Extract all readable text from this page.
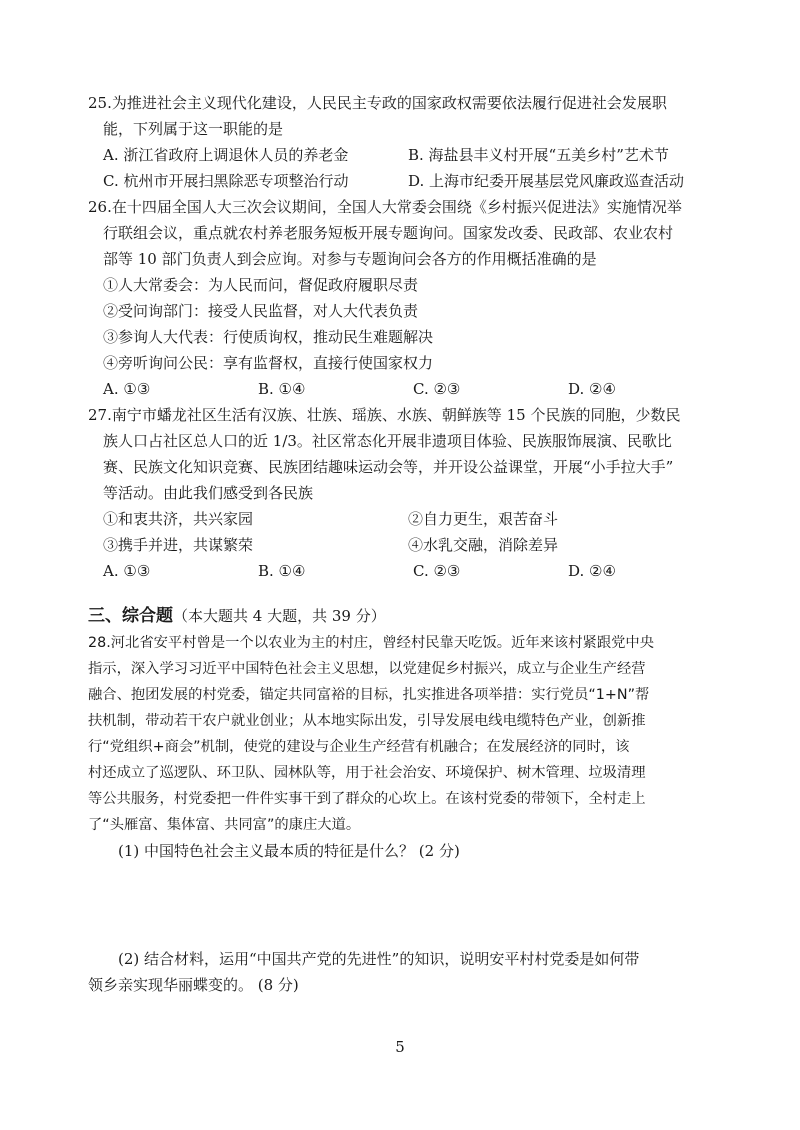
25.为推进社会主义现代化建设，人民民主专政的国家政权需要依法履行促进社会发展职
能，下列属于这一职能的是
A. 浙江省政府上调退休人员的养老金	B. 海盐县丰义村开展“五美乡村”艺术节
C. 杭州市开展扫黑除恶专项整治行动	D. 上海市纪委开展基层党风廉政巡查活动
26.在十四届全国人大三次会议期间，全国人大常委会围绕《乡村振兴促进法》实施情况举
行联组会议，重点就农村养老服务短板开展专题询问。国家发改委、民政部、农业农村
部等 10 部门负责人到会应询。对参与专题询问会各方的作用概括准确的是
①人大常委会：为人民而问，督促政府履职尽责
②受问询部门：接受人民监督，对人大代表负责
③参询人大代表：行使质询权，推动民生难题解决
④旁听询问公民：享有监督权，直接行使国家权力
A. ①③	B. ①④	C. ②③	D. ②④
27.南宁市蟠龙社区生活有汉族、壮族、瑶族、水族、朝鲜族等 15 个民族的同胞，少数民
族人口占社区总人口的近 1/3。社区常态化开展非遗项目体验、民族服饰展演、民歌比
赛、民族文化知识竞赛、民族团结趣味运动会等，并开设公益课堂，开展“小手拉大手”
等活动。由此我们感受到各民族
①和衷共济，共兴家园	②自力更生，艰苦奋斗
③携手并进，共谋繁荣	④水乳交融，消除差异
A. ①③	B. ①④	C. ②③	D. ②④
三、综合题（本大题共 4 大题，共 39 分）
28.河北省安平村曾是一个以农业为主的村庄，曾经村民靠天吃饭。近年来该村紧跟党中央
指示，深入学习习近平中国特色社会主义思想，以党建促乡村振兴，成立与企业生产经营
融合、抱团发展的村党委，锚定共同富裕的目标，扎实推进各项举措：实行党员“1+N”帮
扶机制，带动若干农户就业创业；从本地实际出发，引导发展电线电缆特色产业，创新推
行“党组织+商会”机制，使党的建设与企业生产经营有机融合；在发展经济的同时，该
村还成立了巡逻队、环卫队、园林队等，用于社会治安、环境保护、树木管理、垃圾清理
等公共服务，村党委把一件件实事干到了群众的心坎上。在该村党委的带领下，全村走上
了“头雁富、集体富、共同富”的康庄大道。
(1) 中国特色社会主义最本质的特征是什么？ (2 分)
(2) 结合材料，运用“中国共产党的先进性”的知识，说明安平村村党委是如何带
领乡亲实现华丽蝶变的。 (8 分)
5
